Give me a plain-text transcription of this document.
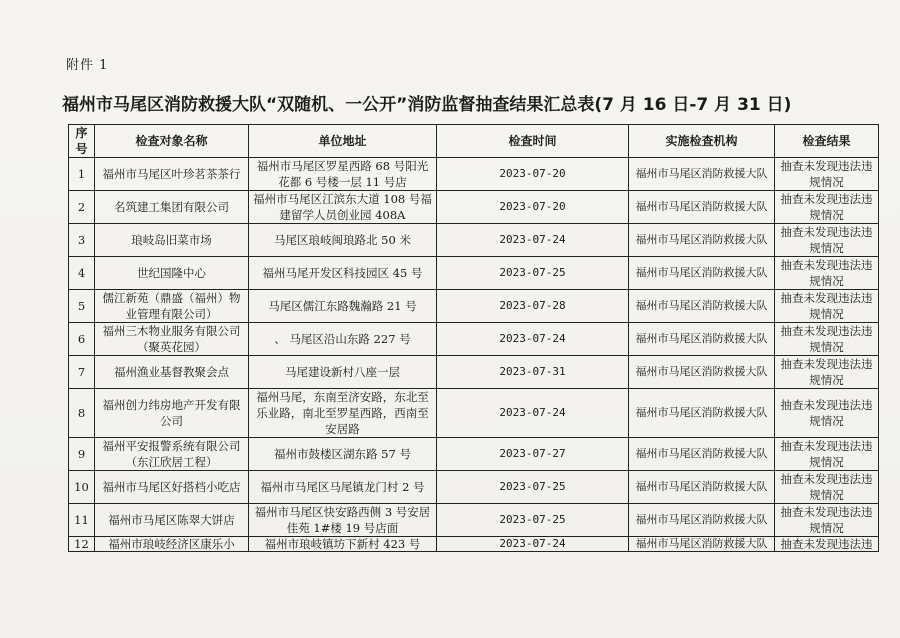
附件 1
福州市马尾区消防救援大队“双随机、一公开”消防监督抽查结果汇总表(7 月 16 日-7 月 31 日)
序号	检查对象名称	单位地址	检查时间	实施检查机构	检查结果
1	福州市马尾区叶珍茗茶茶行	福州市马尾区罗星西路 68 号阳光花都 6 号楼一层 11 号店	2023-07-20	福州市马尾区消防救援大队	抽查未发现违法违规情况
2	名筑建工集团有限公司	福州市马尾区江滨东大道 108 号福建留学人员创业园 408A	2023-07-20	福州市马尾区消防救援大队	抽查未发现违法违规情况
3	琅岐岛旧菜市场	马尾区琅岐闽琅路北 50 米	2023-07-24	福州市马尾区消防救援大队	抽查未发现违法违规情况
4	世纪国隆中心	福州马尾开发区科技园区 45 号	2023-07-25	福州市马尾区消防救援大队	抽查未发现违法违规情况
5	儒江新苑（鼎盛（福州）物业管理有限公司）	马尾区儒江东路魏瀚路 21 号	2023-07-28	福州市马尾区消防救援大队	抽查未发现违法违规情况
6	福州三木物业服务有限公司（聚英花园）	、 马尾区沿山东路 227 号	2023-07-24	福州市马尾区消防救援大队	抽查未发现违法违规情况
7	福州渔业基督教聚会点	马尾建设新村八座一层	2023-07-31	福州市马尾区消防救援大队	抽查未发现违法违规情况
8	福州创力纬房地产开发有限公司	福州马尾，东南至济安路，东北至乐业路，南北至罗星西路，西南至安居路	2023-07-24	福州市马尾区消防救援大队	抽查未发现违法违规情况
9	福州平安报警系统有限公司（东江欣居工程）	福州市鼓楼区湖东路 57 号	2023-07-27	福州市马尾区消防救援大队	抽查未发现违法违规情况
10	福州市马尾区好搭档小吃店	福州市马尾区马尾镇龙门村 2 号	2023-07-25	福州市马尾区消防救援大队	抽查未发现违法违规情况
11	福州市马尾区陈翠大饼店	福州市马尾区快安路西侧 3 号安居佳苑 1#楼 19 号店面	2023-07-25	福州市马尾区消防救援大队	抽查未发现违法违规情况
12	福州市琅岐经济区康乐小	福州市琅岐镇坊下新村 423 号	2023-07-24	福州市马尾区消防救援大队	抽查未发现违法违
